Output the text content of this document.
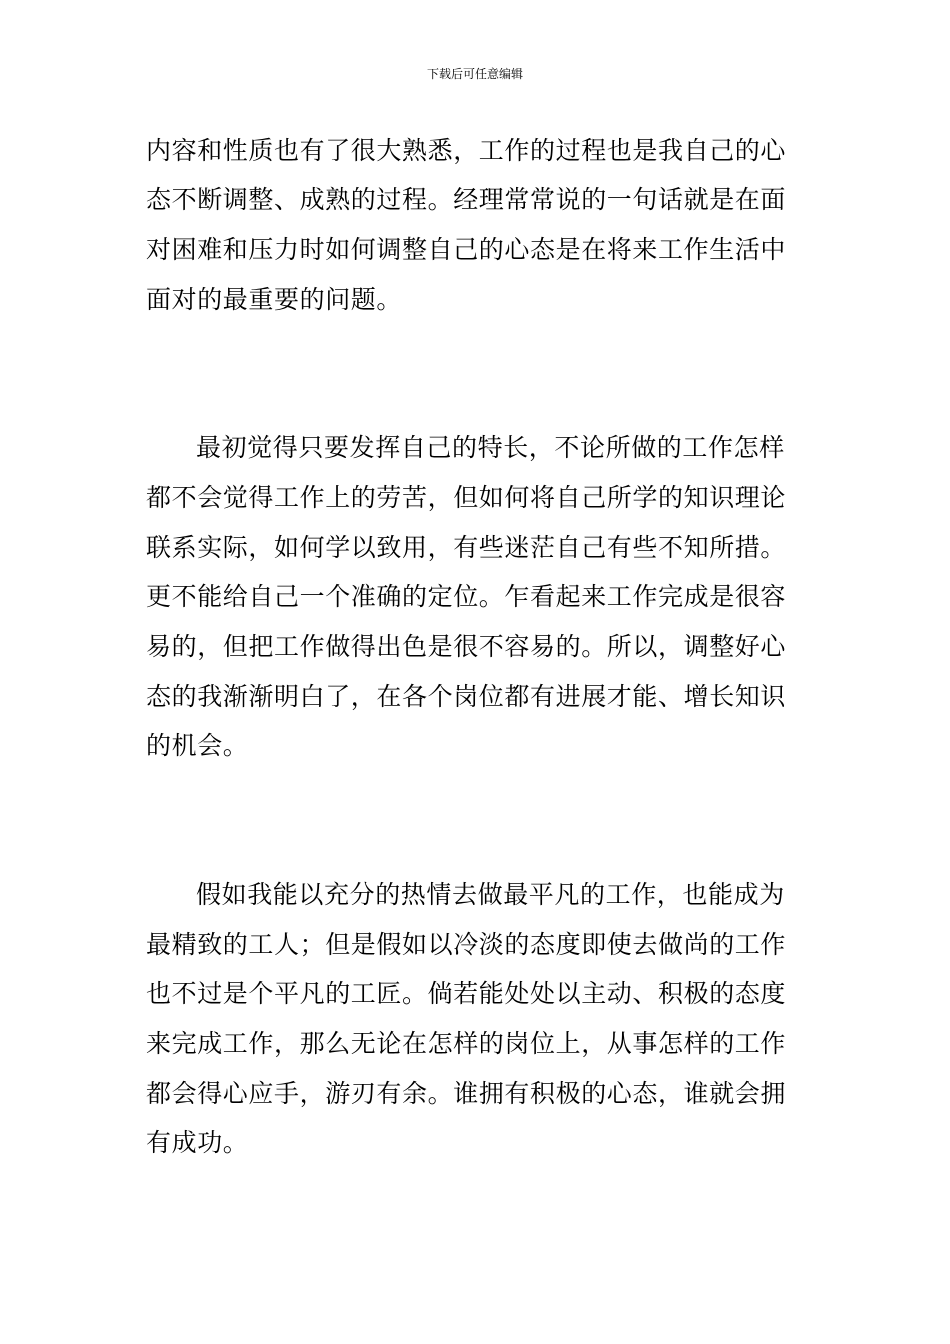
下载后可任意编辑
内容和性质也有了很大熟悉，工作的过程也是我自己的心
态不断调整、成熟的过程。经理常常说的一句话就是在面
对困难和压力时如何调整自己的心态是在将来工作生活中
面对的最重要的问题。
最初觉得只要发挥自己的特长，不论所做的工作怎样
都不会觉得工作上的劳苦，但如何将自己所学的知识理论
联系实际，如何学以致用，有些迷茫自己有些不知所措。
更不能给自己一个准确的定位。乍看起来工作完成是很容
易的，但把工作做得出色是很不容易的。所以，调整好心
态的我渐渐明白了，在各个岗位都有进展才能、增长知识
的机会。
假如我能以充分的热情去做最平凡的工作，也能成为
最精致的工人；但是假如以冷淡的态度即使去做尚的工作
也不过是个平凡的工匠。倘若能处处以主动、积极的态度
来完成工作，那么无论在怎样的岗位上，从事怎样的工作
都会得心应手，游刃有余。谁拥有积极的心态，谁就会拥
有成功。
